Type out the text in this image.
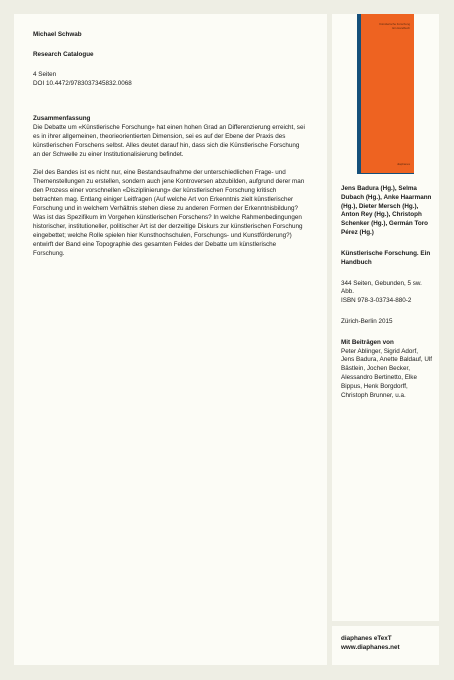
Michael Schwab
Research Catalogue
4 Seiten
DOI 10.4472/9783037345832.0068
Zusammenfassung
Die Debatte um «Künstlerische Forschung» hat einen hohen Grad an Differenzierung erreicht, sei es in ihrer allgemeinen, theorieorientierten Dimension, sei es auf der Ebene der Praxis des künstlerischen Forschens selbst. Alles deutet darauf hin, dass sich die Künstlerische Forschung an der Schwelle zu einer Institutionalisierung befindet.
Ziel des Bandes ist es nicht nur, eine Bestandsaufnahme der unterschiedlichen Frage- und Themenstellungen zu erstellen, sondern auch jene Kontroversen abzubilden, aufgrund derer man den Prozess einer vorschnellen «Disziplinierung» der künstlerischen Forschung kritisch betrachten mag. Entlang einiger Leitfragen (Auf welche Art von Erkenntnis zielt künstlerischer Forschung und in welchem Verhältnis stehen diese zu anderen Formen der Erkenntnisbildung? Was ist das Spezifikum im Vorgehen künstlerischen Forschens? In welche Rahmenbedingungen historischer, institutioneller, politischer Art ist der derzeitige Diskurs zur künstlerischen Forschung eingebettet; welche Rolle spielen hier Kunsthochschulen, Forschungs- und Kunstförderung?) entwirft der Band eine Topographie des gesamten Feldes der Debatte um künstlerische Forschung.
Künstlerische Forschung
Ein Handbuch
diaphanes
Jens Badura (Hg.), Selma Dubach (Hg.), Anke Haarmann (Hg.), Dieter Mersch (Hg.), Anton Rey (Hg.), Christoph Schenker (Hg.), Germán Toro Pérez (Hg.)
Künstlerische Forschung. Ein Handbuch
344 Seiten, Gebunden, 5 sw. Abb.
ISBN 978-3-03734-880-2
Zürich-Berlin 2015
Mit Beiträgen von
Peter Ablinger, Sigrid Adorf, Jens Badura, Anette Baldauf, Ulf Bästlein, Jochen Becker, Alessandro Bertinetto, Elke Bippus, Henk Borgdorff, Christoph Brunner, u.a.
diaphanes eTexT
www.diaphanes.net
